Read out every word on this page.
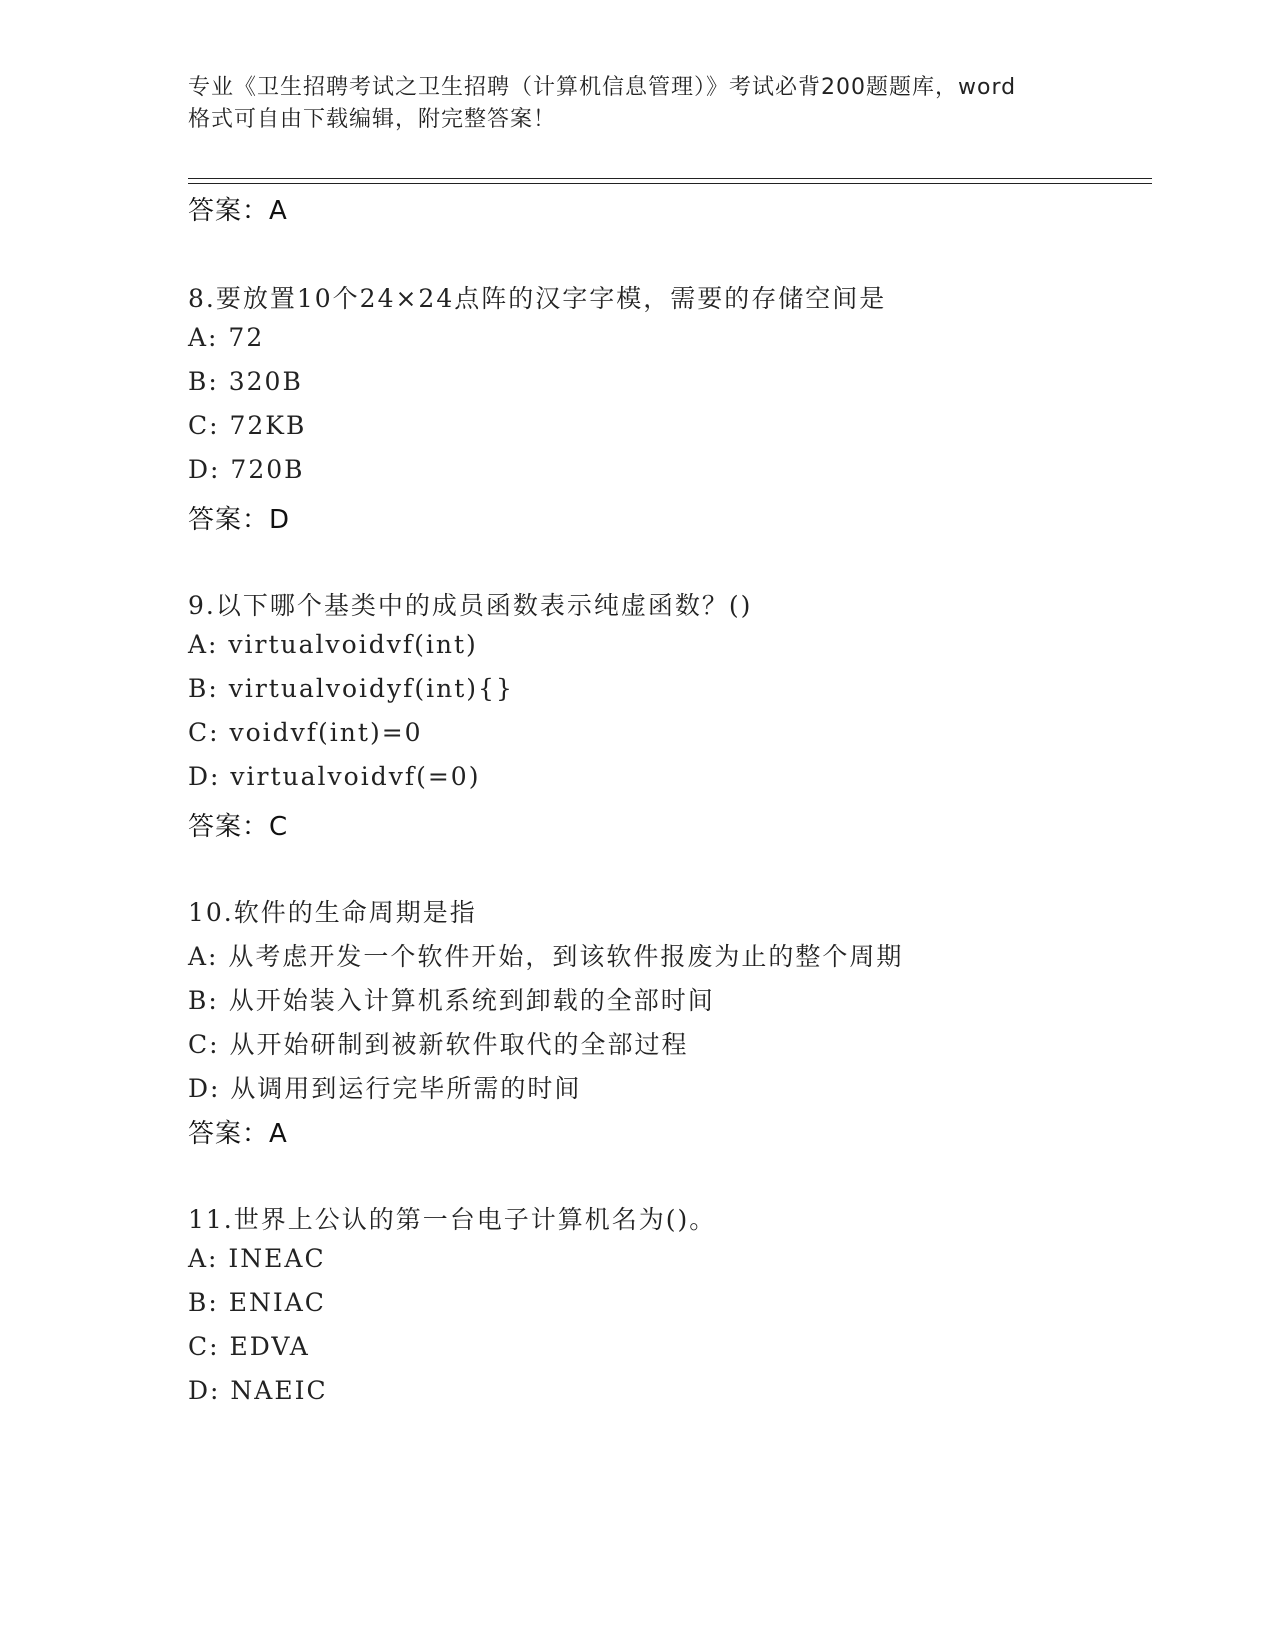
专业《卫生招聘考试之卫生招聘（计算机信息管理）》考试必背200题题库，word
格式可自由下载编辑，附完整答案！
答案：A
8.要放置10个24×24点阵的汉字字模，需要的存储空间是
A: 72
B: 320B
C: 72KB
D: 720B
答案：D
9.以下哪个基类中的成员函数表示纯虚函数？()
A: virtualvoidvf(int)
B: virtualvoidyf(int){}
C: voidvf(int)=0
D: virtualvoidvf(=0)
答案：C
10.软件的生命周期是指
A: 从考虑开发一个软件开始，到该软件报废为止的整个周期
B: 从开始装入计算机系统到卸载的全部时间
C: 从开始研制到被新软件取代的全部过程
D: 从调用到运行完毕所需的时间
答案：A
11.世界上公认的第一台电子计算机名为()。
A: INEAC
B: ENIAC
C: EDVA
D: NAEIC
